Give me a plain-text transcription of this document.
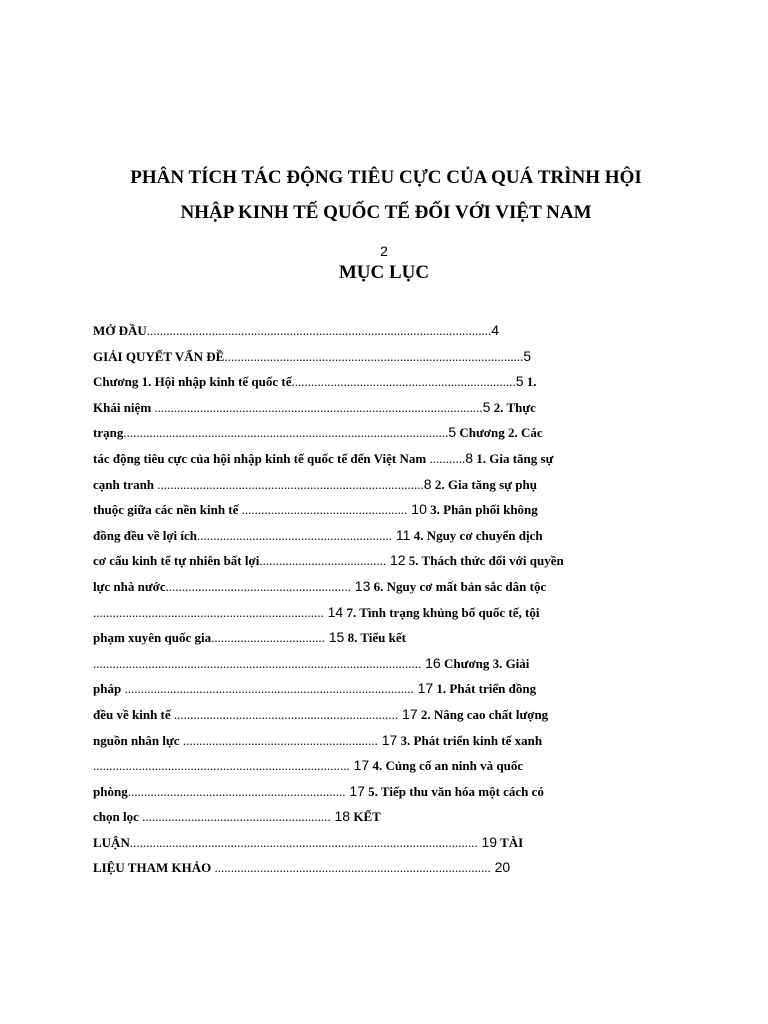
PHÂN TÍCH TÁC ĐỘNG TIÊU CỰC CỦA QUÁ TRÌNH HỘI
NHẬP KINH TẾ QUỐC TẾ ĐỐI VỚI VIỆT NAM
2
MỤC LỤC
MỞ ĐẦU..........................................................................................................4
GIẢI QUYẾT VẤN ĐỀ............................................................................................5
Chương 1. Hội nhập kinh tế quốc tế.....................................................................5 1.
Khái niệm .....................................................................................................5 2. Thực
trạng....................................................................................................5 Chương 2. Các
tác động tiêu cực của hội nhập kinh tế quốc tế đến Việt Nam ...........8 1. Gia tăng sự
cạnh tranh ..................................................................................8 2. Gia tăng sự phụ
thuộc giữa các nền kinh tế ................................................... 10 3. Phân phối không
đồng đều về lợi ích............................................................ 11 4. Nguy cơ chuyển dịch
cơ cấu kinh tế tự nhiên bất lợi....................................... 12 5. Thách thức đối với quyền
lực nhà nước......................................................... 13 6. Nguy cơ mất bản sắc dân tộc
....................................................................... 14 7. Tình trạng khủng bố quốc tế, tội
phạm xuyên quốc gia................................... 15 8. Tiểu kết
..................................................................................................... 16 Chương 3. Giải
pháp ......................................................................................... 17 1. Phát triển đồng
đều về kinh tế ..................................................................... 17 2. Nâng cao chất lượng
nguồn nhân lực ............................................................ 17 3. Phát triển kinh tế xanh
............................................................................... 17 4. Củng cố an ninh và quốc
phòng................................................................... 17 5. Tiếp thu văn hóa một cách có
chọn lọc .......................................................... 18 KẾT
LUẬN........................................................................................................... 19 TÀI
LIỆU THAM KHẢO ..................................................................................... 20
